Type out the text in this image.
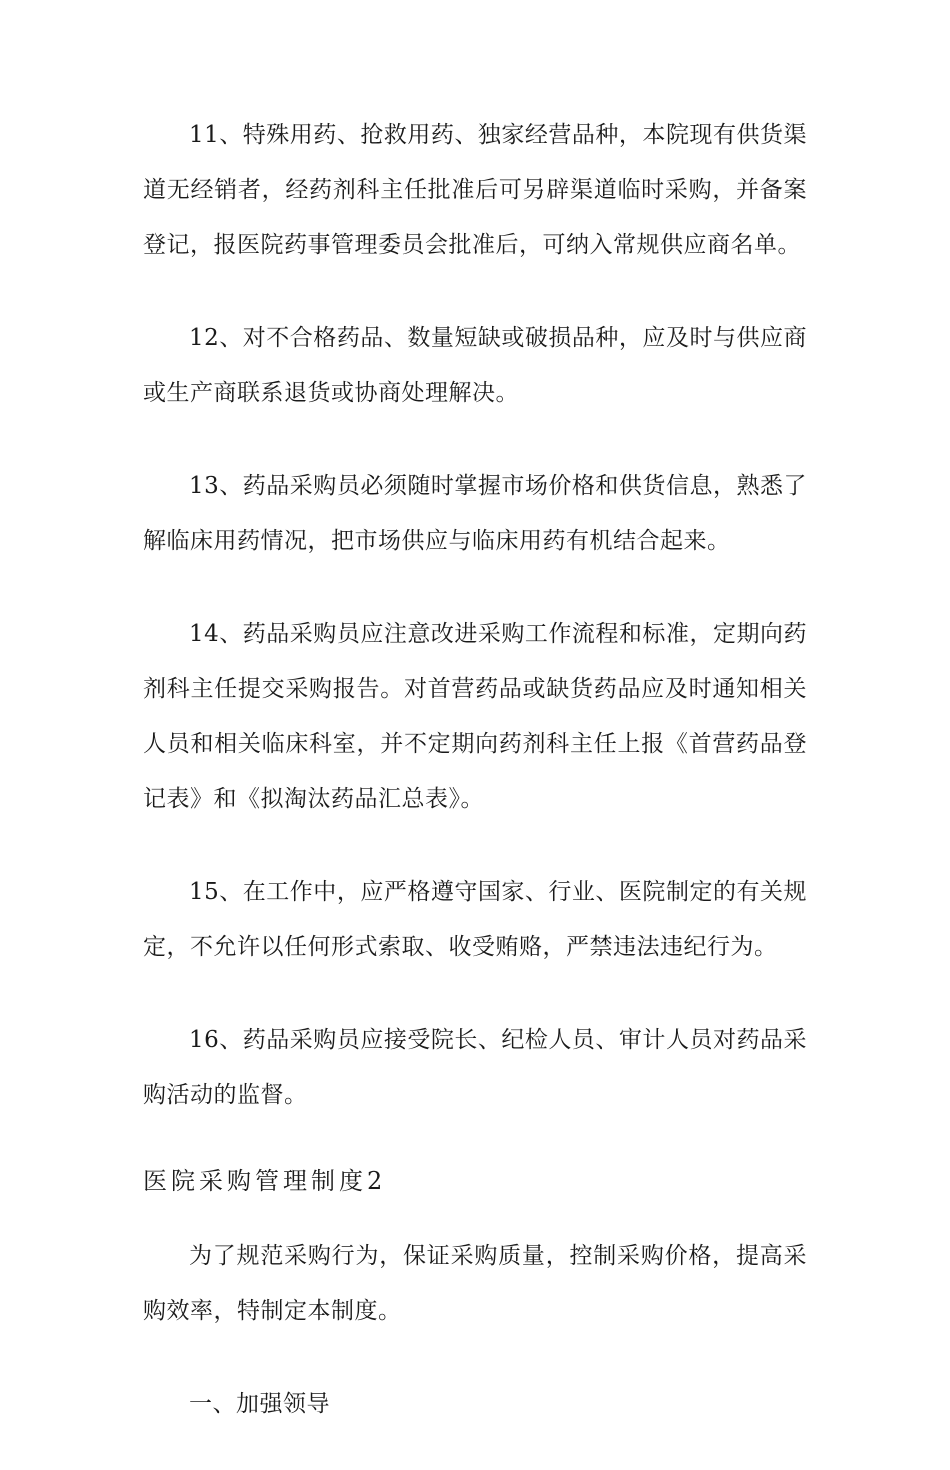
11、特殊用药、抢救用药、独家经营品种，本院现有供货渠道无经销者，经药剂科主任批准后可另辟渠道临时采购，并备案登记，报医院药事管理委员会批准后，可纳入常规供应商名单。

12、对不合格药品、数量短缺或破损品种，应及时与供应商或生产商联系退货或协商处理解决。

13、药品采购员必须随时掌握市场价格和供货信息，熟悉了解临床用药情况，把市场供应与临床用药有机结合起来。

14、药品采购员应注意改进采购工作流程和标准，定期向药剂科主任提交采购报告。对首营药品或缺货药品应及时通知相关人员和相关临床科室，并不定期向药剂科主任上报《首营药品登记表》和《拟淘汰药品汇总表》。

15、在工作中，应严格遵守国家、行业、医院制定的有关规定，不允许以任何形式索取、收受贿赂，严禁违法违纪行为。

16、药品采购员应接受院长、纪检人员、审计人员对药品采购活动的监督。

医院采购管理制度2

为了规范采购行为，保证采购质量，控制采购价格，提高采购效率，特制定本制度。

一、加强领导
